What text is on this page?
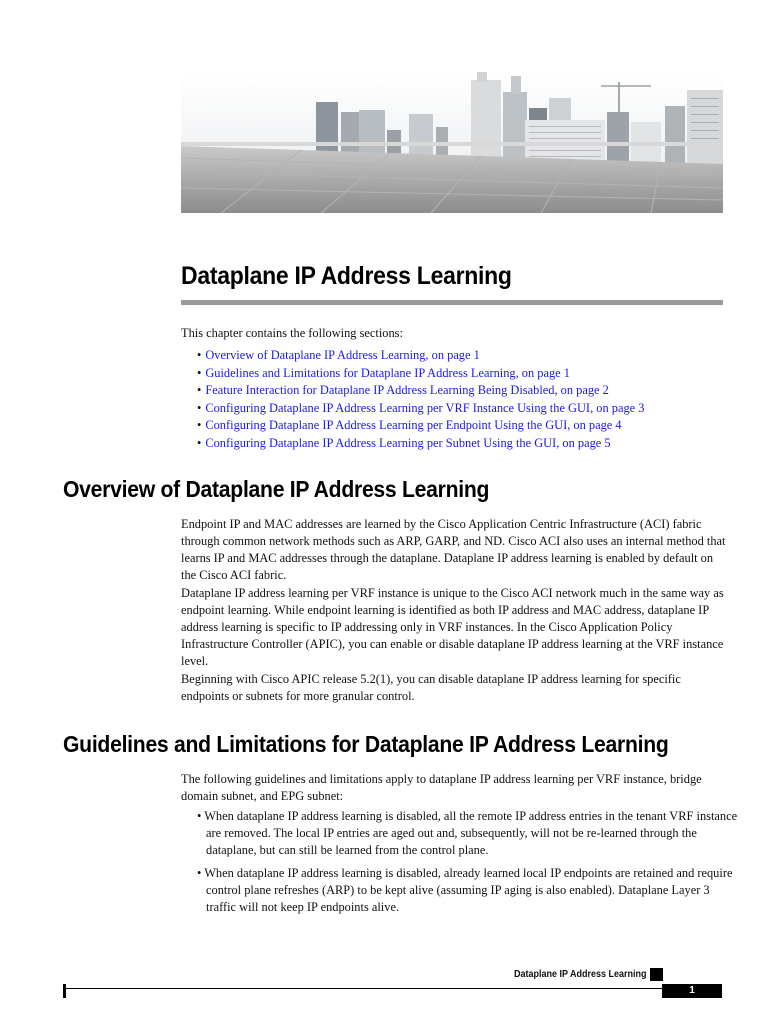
Dataplane IP Address Learning

This chapter contains the following sections:

• Overview of Dataplane IP Address Learning, on page 1
• Guidelines and Limitations for Dataplane IP Address Learning, on page 1
• Feature Interaction for Dataplane IP Address Learning Being Disabled, on page 2
• Configuring Dataplane IP Address Learning per VRF Instance Using the GUI, on page 3
• Configuring Dataplane IP Address Learning per Endpoint Using the GUI, on page 4
• Configuring Dataplane IP Address Learning per Subnet Using the GUI, on page 5
Overview of Dataplane IP Address Learning

Endpoint IP and MAC addresses are learned by the Cisco Application Centric Infrastructure (ACI) fabric through common network methods such as ARP, GARP, and ND. Cisco ACI also uses an internal method that learns IP and MAC addresses through the dataplane. Dataplane IP address learning is enabled by default on the Cisco ACI fabric.

Dataplane IP address learning per VRF instance is unique to the Cisco ACI network much in the same way as endpoint learning. While endpoint learning is identified as both IP address and MAC address, dataplane IP address learning is specific to IP addressing only in VRF instances. In the Cisco Application Policy Infrastructure Controller (APIC), you can enable or disable dataplane IP address learning at the VRF instance level.

Beginning with Cisco APIC release 5.2(1), you can disable dataplane IP address learning for specific endpoints or subnets for more granular control.

Guidelines and Limitations for Dataplane IP Address Learning

The following guidelines and limitations apply to dataplane IP address learning per VRF instance, bridge domain subnet, and EPG subnet:

• When dataplane IP address learning is disabled, all the remote IP address entries in the tenant VRF instance are removed. The local IP entries are aged out and, subsequently, will not be re-learned through the dataplane, but can still be learned from the control plane.

• When dataplane IP address learning is disabled, already learned local IP endpoints are retained and require control plane refreshes (ARP) to be kept alive (assuming IP aging is also enabled). Dataplane Layer 3 traffic will not keep IP endpoints alive.

Dataplane IP Address Learning
1
